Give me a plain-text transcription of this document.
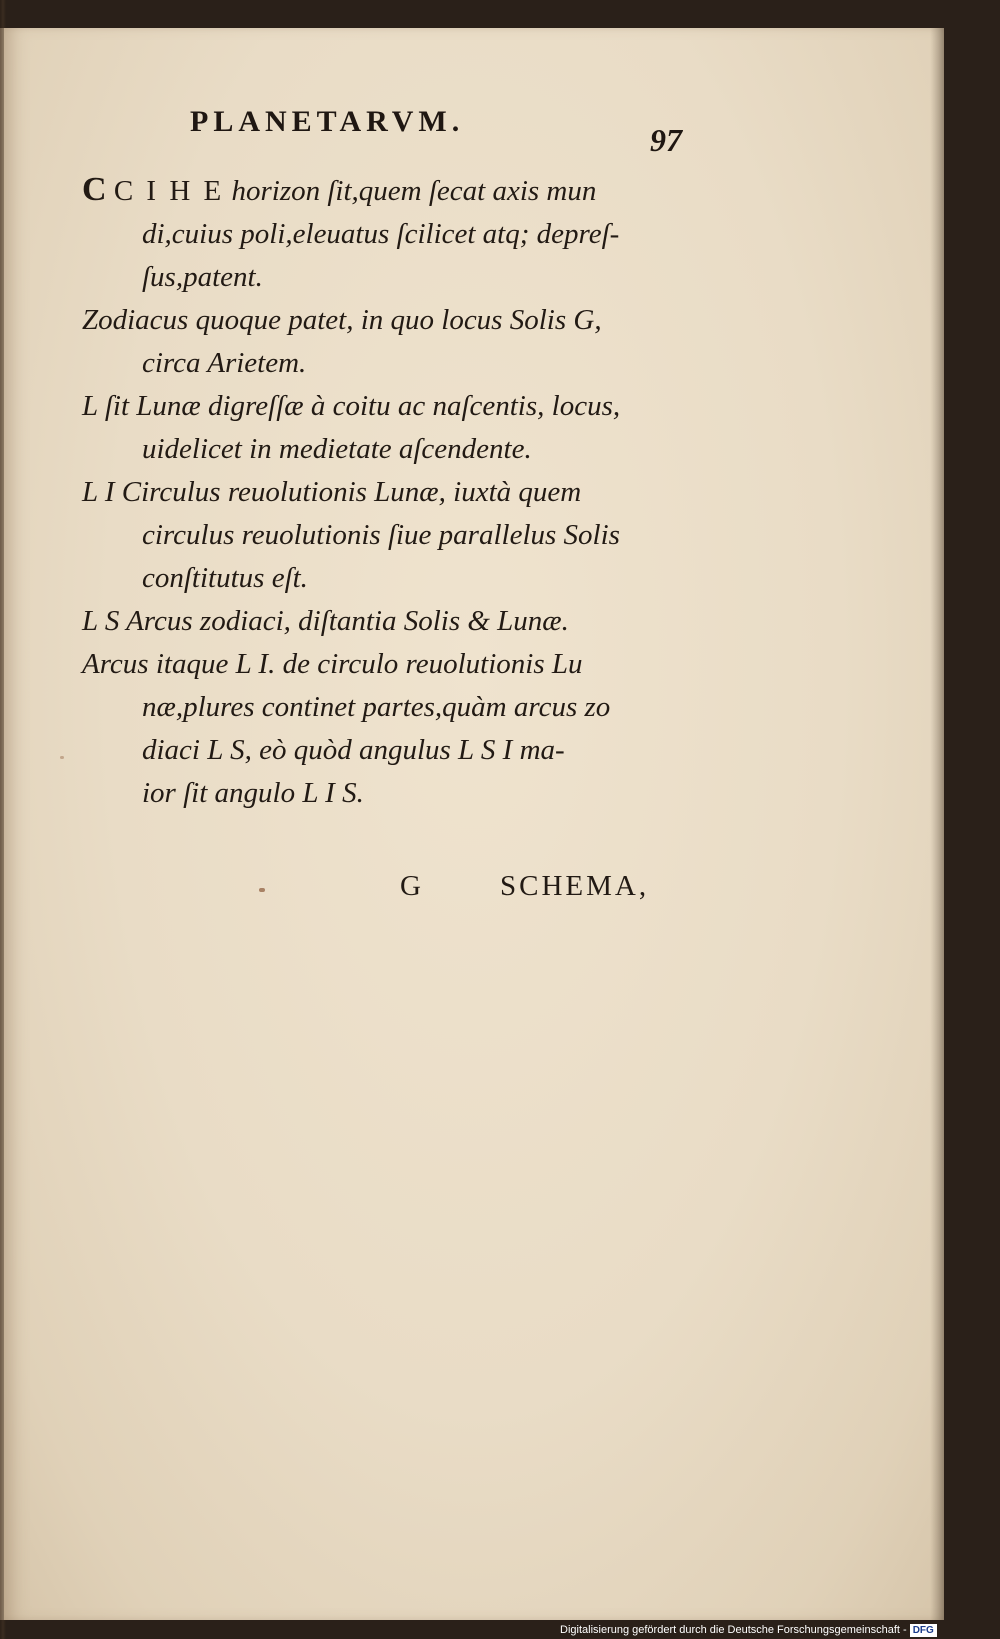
PLANETARVM.
97

C C I H E horizon ſit,quem ſecat axis mun
di,cuius poli,eleuatus ſcilicet atq; depreſ-
ſus,patent.

Zodiacus quoque patet, in quo locus Solis G,
circa Arietem.

L ſit Lunæ digreſſæ à coitu ac naſcentis, locus,
uidelicet in medietate aſcendente.

L I Circulus reuolutionis Lunæ, iuxtà quem
circulus reuolutionis ſiue parallelus Solis
conſtitutus eſt.

L S Arcus zodiaci, diſtantia Solis & Lunæ.

Arcus itaque L I. de circulo reuolutionis Lu
næ,plures continet partes,quàm arcus zo
diaci L S, eò quòd angulus L S I ma-
ior ſit angulo L I S.

G	SCHEMA,
Digitalisierung gefördert durch die Deutsche Forschungsgemeinschaft - DFG
